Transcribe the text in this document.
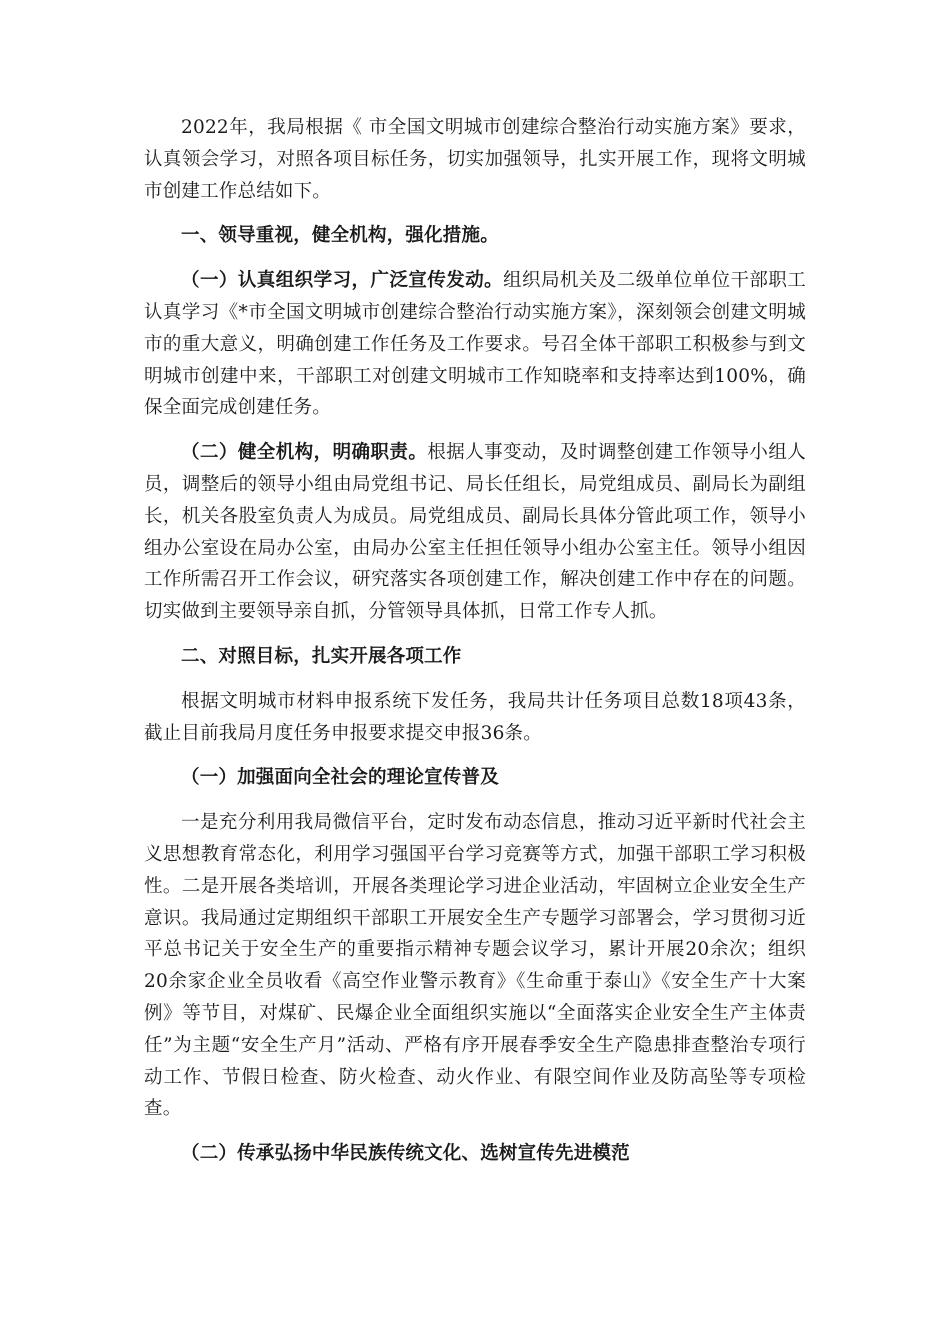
2022年，我局根据《 市全国文明城市创建综合整治行动实施方案》要求，认真领会学习，对照各项目标任务，切实加强领导，扎实开展工作，现将文明城市创建工作总结如下。

一、领导重视，健全机构，强化措施。

（一）认真组织学习，广泛宣传发动。组织局机关及二级单位单位干部职工认真学习《*市全国文明城市创建综合整治行动实施方案》，深刻领会创建文明城市的重大意义，明确创建工作任务及工作要求。号召全体干部职工积极参与到文明城市创建中来，干部职工对创建文明城市工作知晓率和支持率达到100%，确保全面完成创建任务。

（二）健全机构，明确职责。根据人事变动，及时调整创建工作领导小组人员，调整后的领导小组由局党组书记、局长任组长，局党组成员、副局长为副组长，机关各股室负责人为成员。局党组成员、副局长具体分管此项工作，领导小组办公室设在局办公室，由局办公室主任担任领导小组办公室主任。领导小组因工作所需召开工作会议，研究落实各项创建工作，解决创建工作中存在的问题。切实做到主要领导亲自抓，分管领导具体抓，日常工作专人抓。

二、对照目标，扎实开展各项工作

根据文明城市材料申报系统下发任务，我局共计任务项目总数18项43条，截止目前我局月度任务申报要求提交申报36条。

（一）加强面向全社会的理论宣传普及

一是充分利用我局微信平台，定时发布动态信息，推动习近平新时代社会主义思想教育常态化，利用学习强国平台学习竞赛等方式，加强干部职工学习积极性。二是开展各类培训，开展各类理论学习进企业活动，牢固树立企业安全生产意识。我局通过定期组织干部职工开展安全生产专题学习部署会，学习贯彻习近平总书记关于安全生产的重要指示精神专题会议学习，累计开展20余次；组织20余家企业全员收看《高空作业警示教育》《生命重于泰山》《安全生产十大案例》等节目，对煤矿、民爆企业全面组织实施以“全面落实企业安全生产主体责任”为主题“安全生产月”活动、严格有序开展春季安全生产隐患排查整治专项行动工作、节假日检查、防火检查、动火作业、有限空间作业及防高坠等专项检查。

（二）传承弘扬中华民族传统文化、选树宣传先进模范
